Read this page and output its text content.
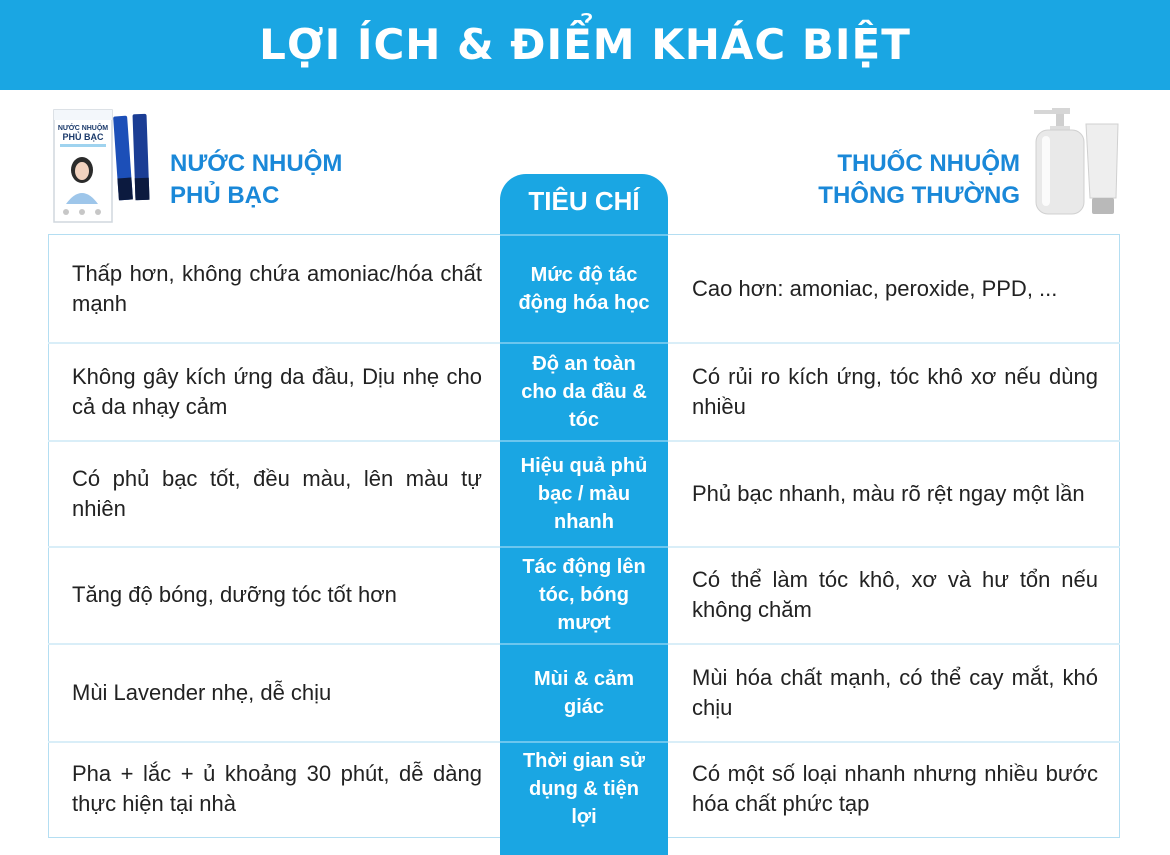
LỢI ÍCH & ĐIỂM KHÁC BIỆT
NƯỚC NHUỘM
PHỦ BẠC
NƯỚC NHUỘM
PHỦ BẠC
THUỐC NHUỘM
THÔNG THƯỜNG
TIÊU CHÍ
Thấp hơn, không chứa amoniac/hóa chất mạnh
Mức độ tác động hóa học
Cao hơn: amoniac, peroxide, PPD, ...
Không gây kích ứng da đầu, Dịu nhẹ cho cả da nhạy cảm
Độ an toàn cho da đầu & tóc
Có rủi ro kích ứng, tóc khô xơ nếu dùng nhiều
Có phủ bạc tốt, đều màu, lên màu tự nhiên
Hiệu quả phủ bạc / màu nhanh
Phủ bạc nhanh, màu rõ rệt ngay một lần
Tăng độ bóng, dưỡng tóc tốt hơn
Tác động lên tóc, bóng mượt
Có thể làm tóc khô, xơ và hư tổn nếu không chăm
Mùi Lavender nhẹ, dễ chịu
Mùi & cảm giác
Mùi hóa chất mạnh, có thể cay mắt, khó chịu
Pha + lắc + ủ khoảng 30 phút, dễ dàng thực hiện tại nhà
Thời gian sử dụng & tiện lợi
Có một số loại nhanh nhưng nhiều bước hóa chất phức tạp
